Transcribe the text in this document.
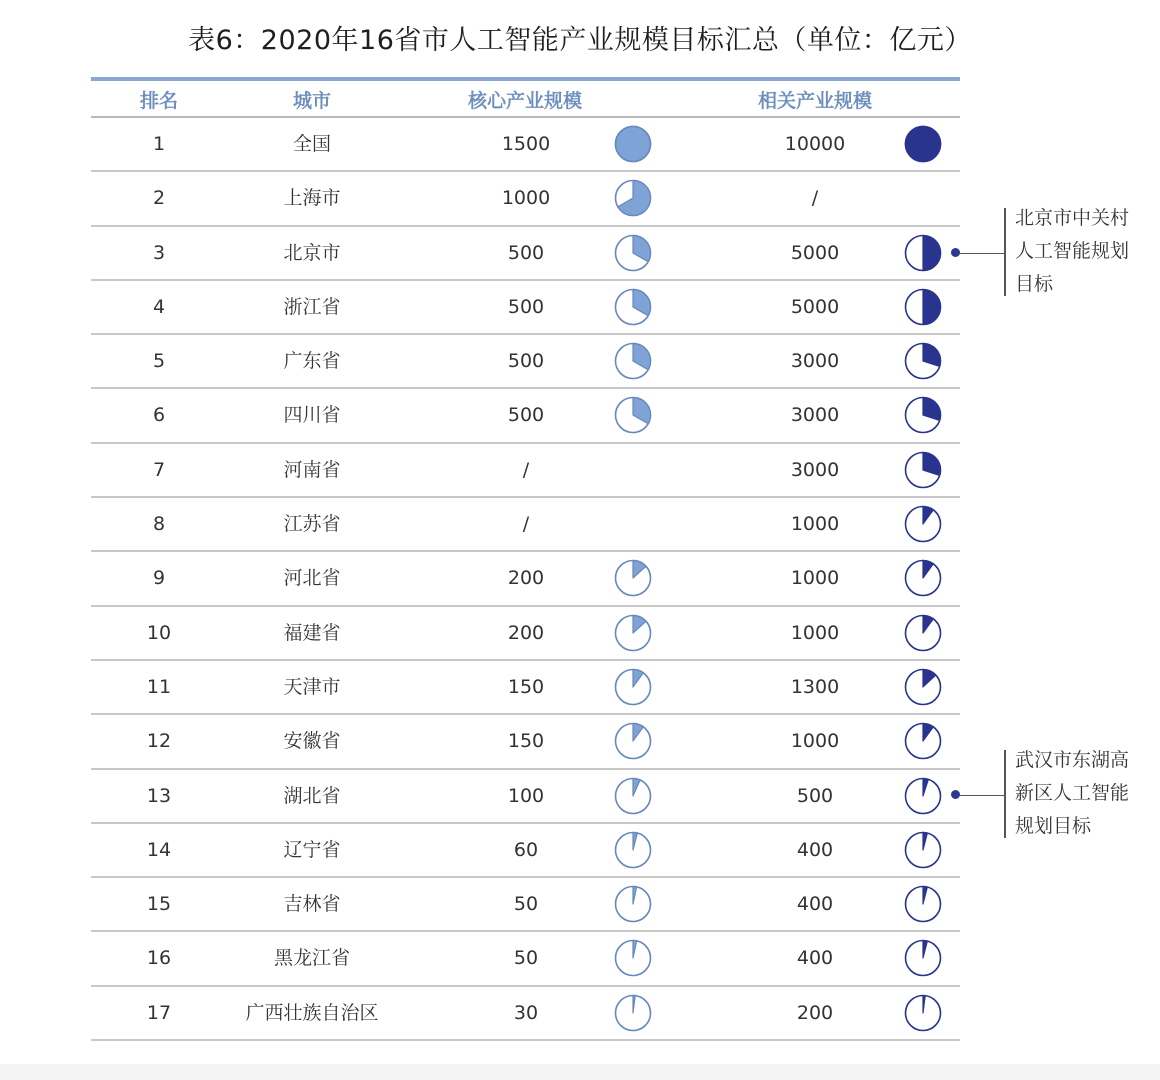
表6：2020年16省市人工智能产业规模目标汇总（单位：亿元）
排名	城市	核心产业规模	相关产业规模
1	全国	1500	10000
2	上海市	1000	/
3	北京市	500	5000
4	浙江省	500	5000
5	广东省	500	3000
6	四川省	500	3000
7	河南省	/	3000
8	江苏省	/	1000
9	河北省	200	1000
10	福建省	200	1000
11	天津市	150	1300
12	安徽省	150	1000
13	湖北省	100	500
14	辽宁省	60	400
15	吉林省	50	400
16	黑龙江省	50	400
17	广西壮族自治区	30	200
北京市中关村
人工智能规划
目标
武汉市东湖高
新区人工智能
规划目标
